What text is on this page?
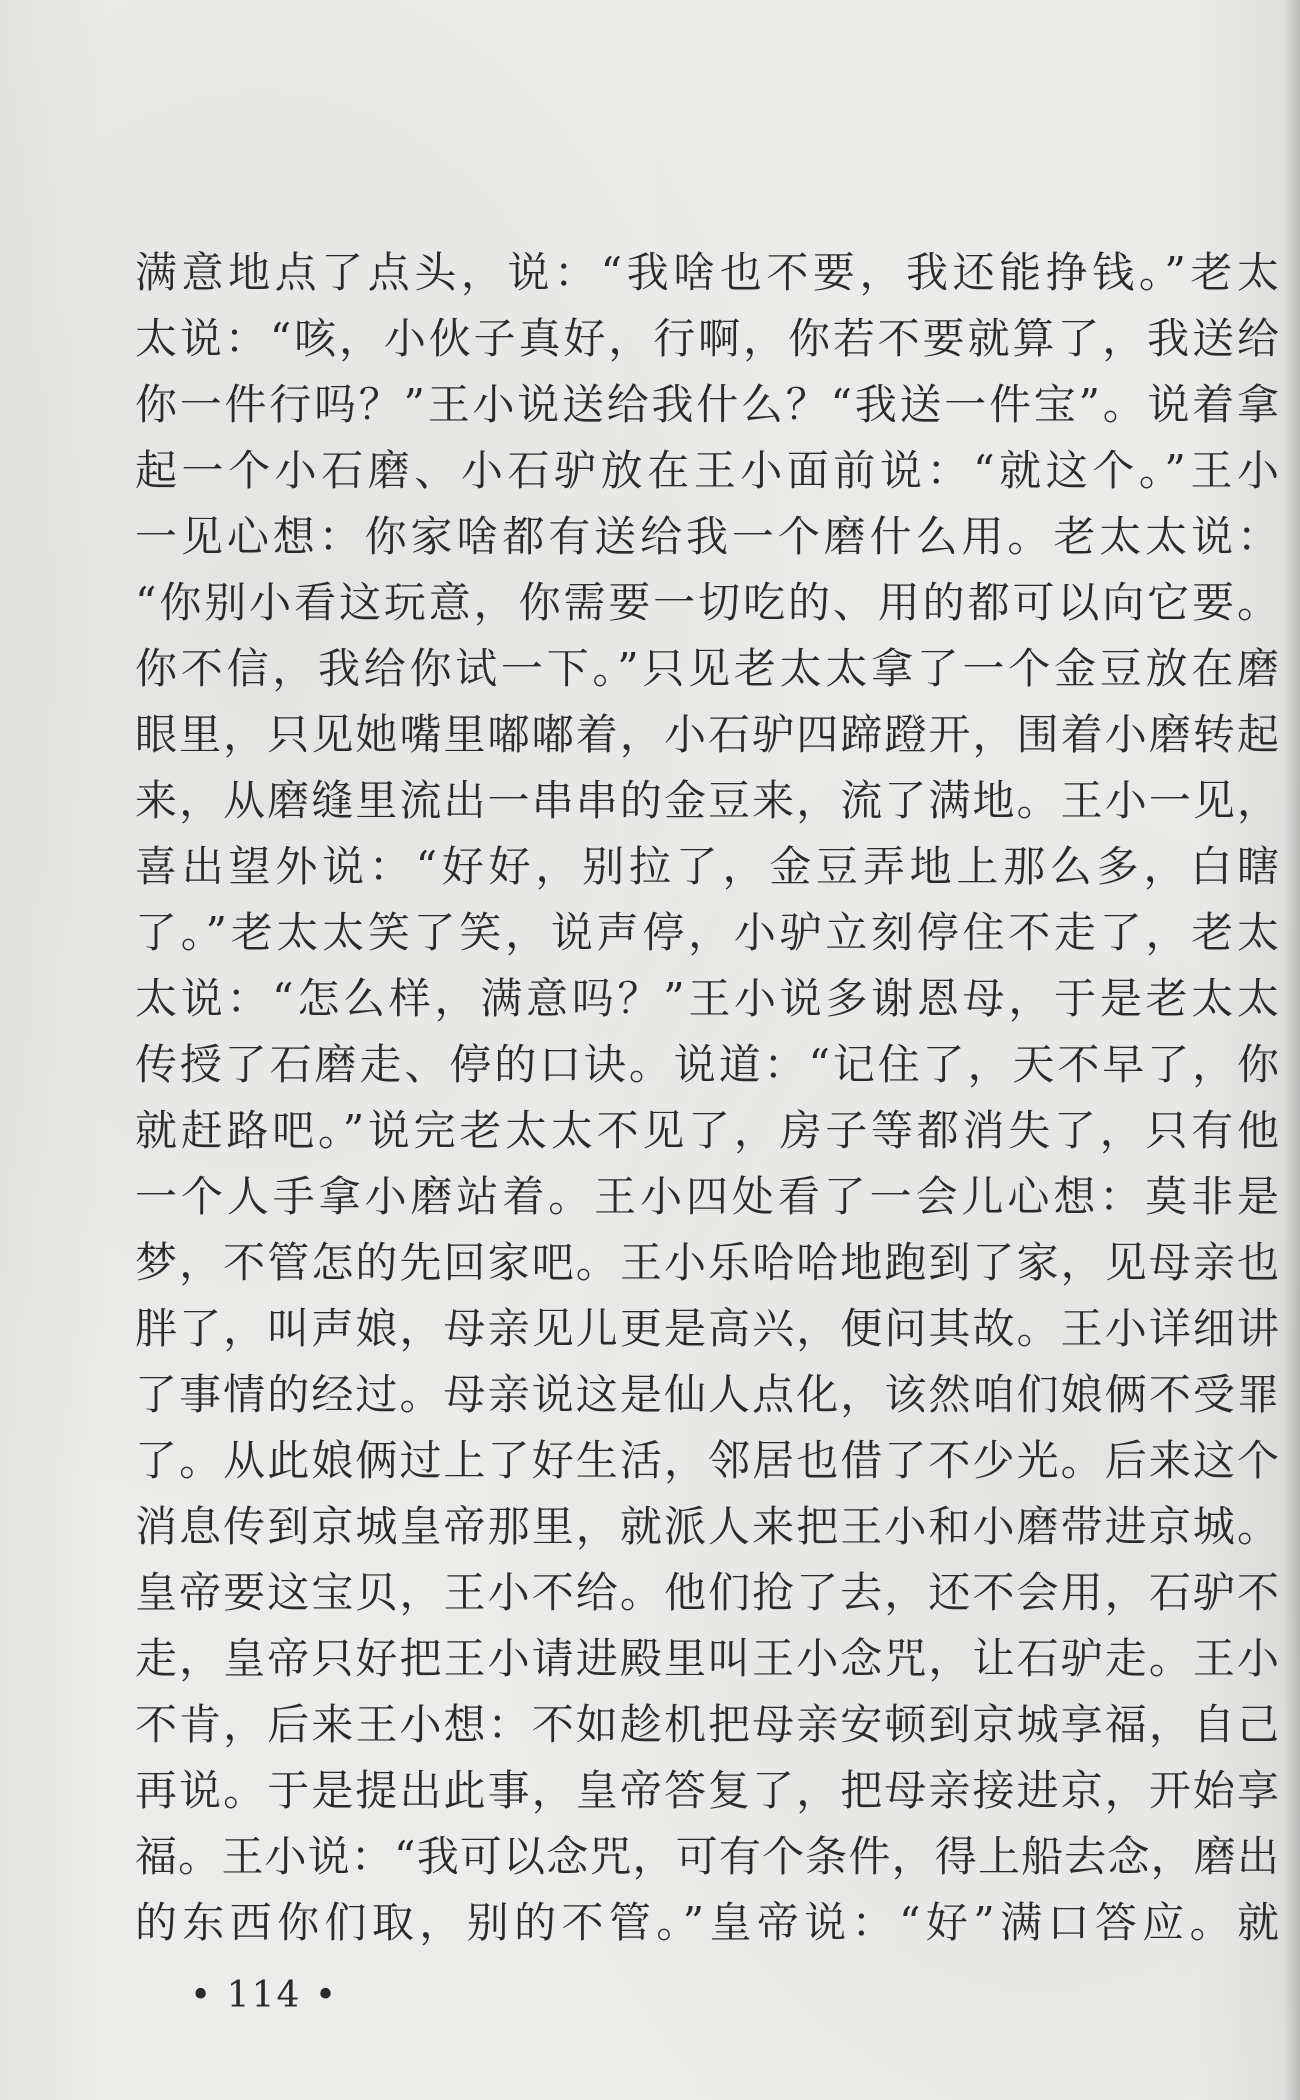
满意地点了点头，说：“我啥也不要，我还能挣钱。”老太
太说：“咳，小伙子真好，行啊，你若不要就算了，我送给
你一件行吗？”王小说送给我什么？“我送一件宝”。说着拿
起一个小石磨、小石驴放在王小面前说：“就这个。”王小
一见心想：你家啥都有送给我一个磨什么用。老太太说：
“你别小看这玩意，你需要一切吃的、用的都可以向它要。
你不信，我给你试一下。”只见老太太拿了一个金豆放在磨
眼里，只见她嘴里嘟嘟着，小石驴四蹄蹬开，围着小磨转起
来，从磨缝里流出一串串的金豆来，流了满地。王小一见，
喜出望外说：“好好，别拉了，金豆弄地上那么多，白瞎
了。”老太太笑了笑，说声停，小驴立刻停住不走了，老太
太说：“怎么样，满意吗？”王小说多谢恩母，于是老太太
传授了石磨走、停的口诀。说道：“记住了，天不早了，你
就赶路吧。”说完老太太不见了，房子等都消失了，只有他
一个人手拿小磨站着。王小四处看了一会儿心想：莫非是
梦，不管怎的先回家吧。王小乐哈哈地跑到了家，见母亲也
胖了，叫声娘，母亲见儿更是高兴，便问其故。王小详细讲
了事情的经过。母亲说这是仙人点化，该然咱们娘俩不受罪
了。从此娘俩过上了好生活，邻居也借了不少光。后来这个
消息传到京城皇帝那里，就派人来把王小和小磨带进京城。
皇帝要这宝贝，王小不给。他们抢了去，还不会用，石驴不
走，皇帝只好把王小请进殿里叫王小念咒，让石驴走。王小
不肯，后来王小想：不如趁机把母亲安顿到京城享福，自己
再说。于是提出此事，皇帝答复了，把母亲接进京，开始享
福。王小说：“我可以念咒，可有个条件，得上船去念，磨出
的东西你们取，别的不管。”皇帝说：“好”满口答应。就
• 114 •
